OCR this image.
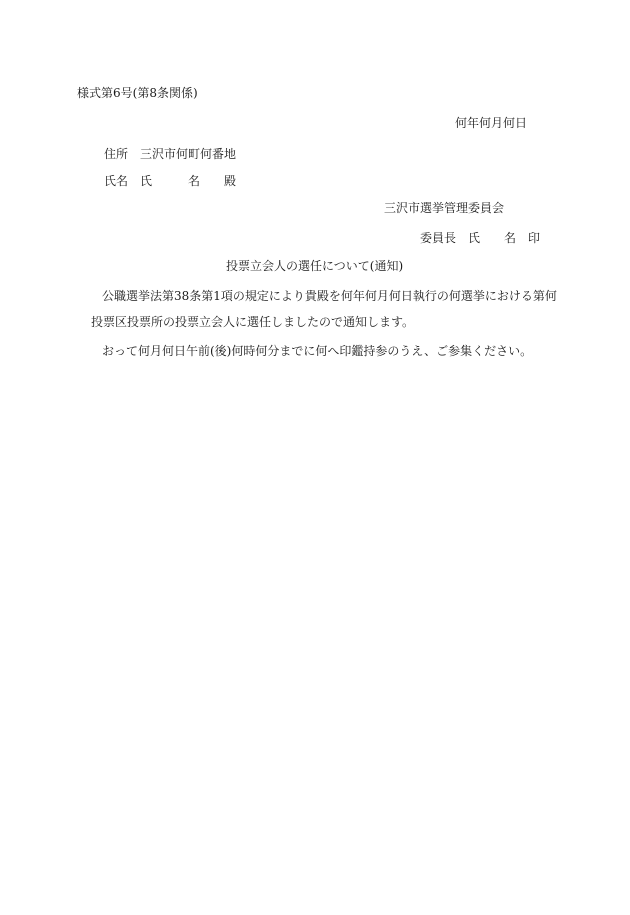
様式第6号(第8条関係)
何年何月何日
住所 三沢市何町何番地
氏名 氏　　　名　　殿
三沢市選挙管理委員会
委員長　氏　　名　印
投票立会人の選任について(通知)
公職選挙法第38条第1項の規定により貴殿を何年何月何日執行の何選挙における第何
投票区投票所の投票立会人に選任しましたので通知します。
おって何月何日午前(後)何時何分までに何へ印鑑持参のうえ、ご参集ください。
